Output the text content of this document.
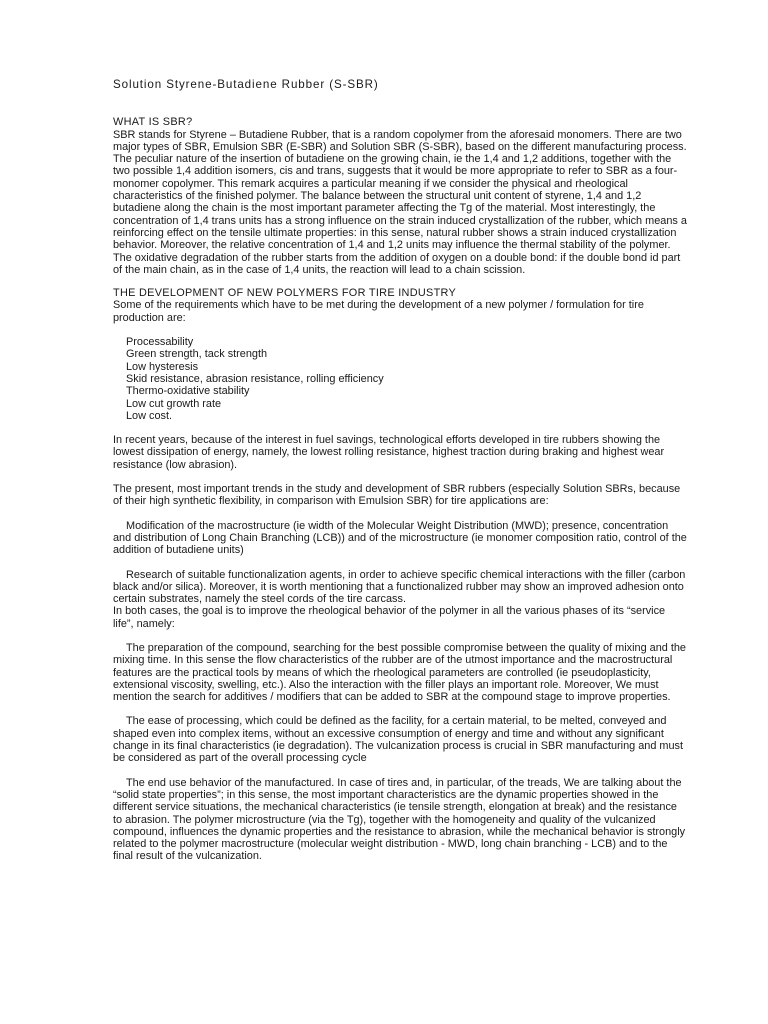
Solution Styrene-Butadiene Rubber (S-SBR)
WHAT IS SBR?

SBR stands for Styrene – Butadiene Rubber, that is a random copolymer from the aforesaid monomers. There are two major types of SBR, Emulsion SBR (E-SBR) and Solution SBR (S-SBR), based on the different manufacturing process. The peculiar nature of the insertion of butadiene on the growing chain, ie the 1,4 and 1,2 additions, together with the two possible 1,4 addition isomers, cis and trans, suggests that it would be more appropriate to refer to SBR as a four-monomer copolymer. This remark acquires a particular meaning if we consider the physical and rheological characteristics of the finished polymer. The balance between the structural unit content of styrene, 1,4 and 1,2 butadiene along the chain is the most important parameter affecting the Tg of the material. Most interestingly, the concentration of 1,4 trans units has a strong influence on the strain induced crystallization of the rubber, which means a reinforcing effect on the tensile ultimate properties: in this sense, natural rubber shows a strain induced crystallization behavior. Moreover, the relative concentration of 1,4 and 1,2 units may influence the thermal stability of the polymer. The oxidative degradation of the rubber starts from the addition of oxygen on a double bond: if the double bond id part of the main chain, as in the case of 1,4 units, the reaction will lead to a chain scission.

THE DEVELOPMENT OF NEW POLYMERS FOR TIRE INDUSTRY

Some of the requirements which have to be met during the development of a new polymer / formulation for tire production are:

Processability
Green strength, tack strength
Low hysteresis
Skid resistance, abrasion resistance, rolling efficiency
Thermo-oxidative stability
Low cut growth rate
Low cost.

In recent years, because of the interest in fuel savings, technological efforts developed in tire rubbers showing the lowest dissipation of energy, namely, the lowest rolling resistance, highest traction during braking and highest wear resistance (low abrasion).

The present, most important trends in the study and development of SBR rubbers (especially Solution SBRs, because of their high synthetic flexibility, in comparison with Emulsion SBR) for tire applications are:

Modification of the macrostructure (ie width of the Molecular Weight Distribution (MWD); presence, concentration and distribution of Long Chain Branching (LCB)) and of the microstructure (ie monomer composition ratio, control of the addition of butadiene units)

Research of suitable functionalization agents, in order to achieve specific chemical interactions with the filler (carbon black and/or silica). Moreover, it is worth mentioning that a functionalized rubber may show an improved adhesion onto certain substrates, namely the steel cords of the tire carcass.

In both cases, the goal is to improve the rheological behavior of the polymer in all the various phases of its “service life”, namely:

The preparation of the compound, searching for the best possible compromise between the quality of mixing and the mixing time. In this sense the flow characteristics of the rubber are of the utmost importance and the macrostructural features are the practical tools by means of which the rheological parameters are controlled (ie pseudoplasticity, extensional viscosity, swelling, etc.). Also the interaction with the filler plays an important role. Moreover, We must mention the search for additives / modifiers that can be added to SBR at the compound stage to improve properties.

The ease of processing, which could be defined as the facility, for a certain material, to be melted, conveyed and shaped even into complex items, without an excessive consumption of energy and time and without any significant change in its final characteristics (ie degradation). The vulcanization process is crucial in SBR manufacturing and must be considered as part of the overall processing cycle

The end use behavior of the manufactured. In case of tires and, in particular, of the treads, We are talking about the “solid state properties”; in this sense, the most important characteristics are the dynamic properties showed in the different service situations, the mechanical characteristics (ie tensile strength, elongation at break) and the resistance to abrasion. The polymer microstructure (via the Tg), together with the homogeneity and quality of the vulcanized compound, influences the dynamic properties and the resistance to abrasion, while the mechanical behavior is strongly related to the polymer macrostructure (molecular weight distribution - MWD, long chain branching - LCB) and to the final result of the vulcanization.
